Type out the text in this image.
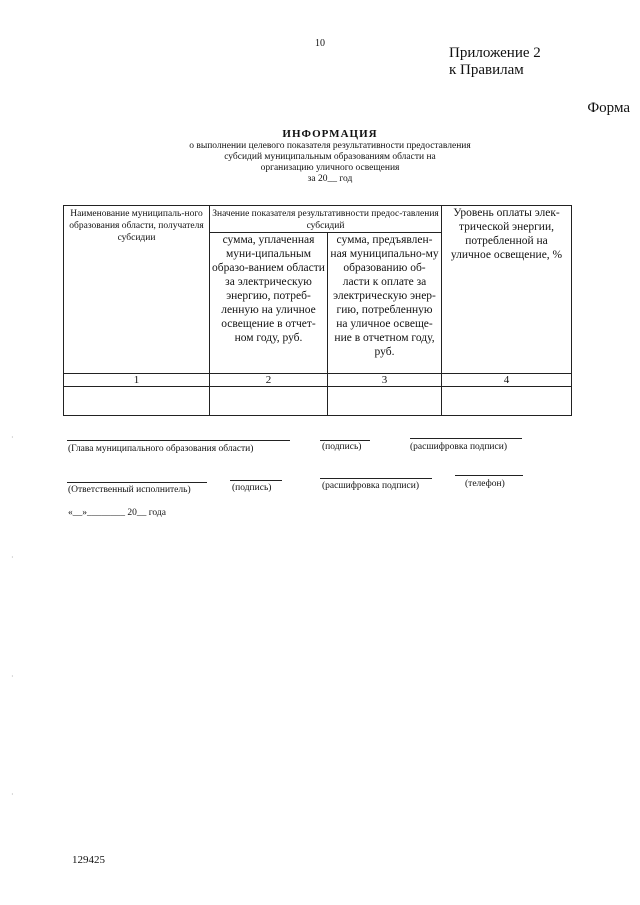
10
Приложение 2
к Правилам
Форма
ИНФОРМАЦИЯ
о выполнении целевого показателя результативности предоставления
субсидий муниципальным образованиям области на
организацию уличного освещения
за 20__ год
Наименование муниципаль-ного образования области, получателя субсидии	Значение показателя результативности предос-тавления субсидий		Уровень оплаты элек-трической энергии, потребленной на уличное освещение, %
	сумма, уплаченная муни-ципальным образо-ванием области за электрическую энергию, потреб-ленную на уличное освещение в отчет-ном году, руб.	сумма, предъявлен-ная муниципально-му образованию об-ласти к оплате за электрическую энер-гию, потребленную на уличное освеще-ние в отчетном году, руб.	
1	2	3	4

(Глава муниципального образования области)	(подпись)	(расшифровка подписи)
(Ответственный исполнитель)	(подпись)	(расшифровка подписи)	(телефон)
«__»________ 20__ года
·
·
·
·
129425
